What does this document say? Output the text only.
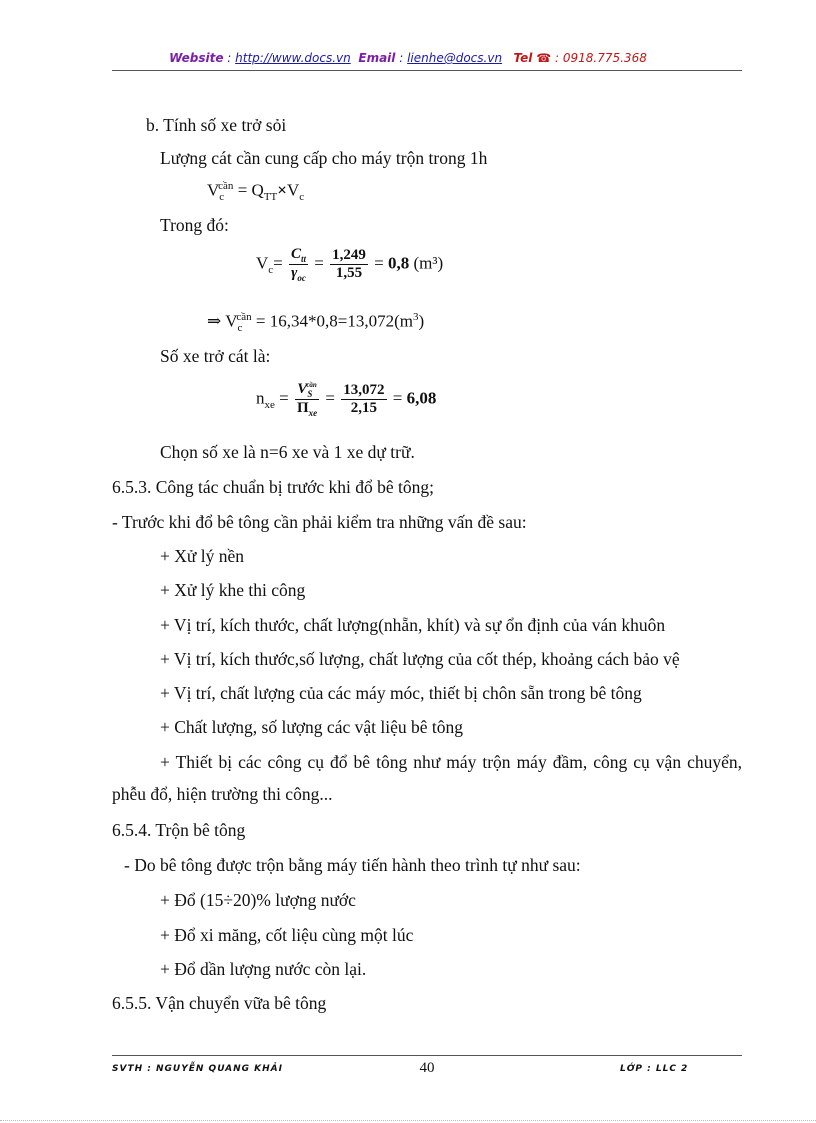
Website : http://www.docs.vn Email : lienhe@docs.vn Tel ☎ : 0918.775.368
b. Tính số xe trở sỏi
Lượng cát cần cung cấp cho máy trộn trong 1h
$V_c^{cần} = Q_{TT}\times V_c$
Trong đó:
$V_c= \frac{C_{tt}}{\gamma_{oc}} = \frac{1,249}{1,55} = 0,8$ (m³)
⇒ $V_c^{cần} = 16,34*0,8=13,072(m^3)$
Số xe trở cát là:
$n_{xe} = \frac{V_S^{cần}}{\Pi_{xe}} = \frac{13,072}{2,15} = 6,08$
Chọn số xe là n=6 xe và 1 xe dự trữ.
6.5.3. Công tác chuẩn bị trước khi đổ bê tông;
- Trước khi đổ bê tông cần phải kiểm tra những vấn đề sau:
+ Xử lý nền
+ Xử lý khe thi công
+ Vị trí, kích thước, chất lượng(nhẵn, khít) và sự ổn định của ván khuôn
+ Vị trí, kích thước,số lượng, chất lượng của cốt thép, khoảng cách bảo vệ
+ Vị trí, chất lượng của các máy móc, thiết bị chôn sẵn trong bê tông
+ Chất lượng, số lượng các vật liệu bê tông
+ Thiết bị các công cụ đổ bê tông như máy trộn máy đầm, công cụ vận chuyển, phễu đổ, hiện trường thi công...
6.5.4. Trộn bê tông
- Do bê tông được trộn bằng máy tiến hành theo trình tự như sau:
+ Đổ (15÷20)% lượng nước
+ Đổ xi măng, cốt liệu cùng một lúc
+ Đổ dần lượng nước còn lại.
6.5.5. Vận chuyển vữa bê tông
SVTH : NGUYỄN QUANG KHẢI	40	LỚP : LLC 2
